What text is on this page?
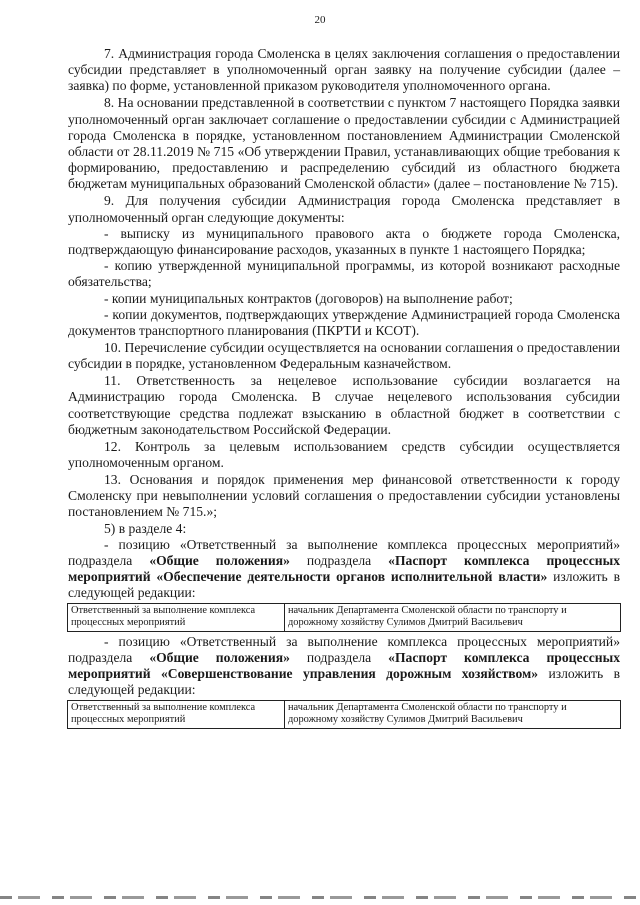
20

7. Администрация города Смоленска в целях заключения соглашения о предоставлении субсидии представляет в уполномоченный орган заявку на получение субсидии (далее – заявка) по форме, установленной приказом руководителя уполномоченного органа.

8. На основании представленной в соответствии с пунктом 7 настоящего Порядка заявки уполномоченный орган заключает соглашение о предоставлении субсидии с Администрацией города Смоленска в порядке, установленном постановлением Администрации Смоленской области от 28.11.2019 № 715 «Об утверждении Правил, устанавливающих общие требования к формированию, предоставлению и распределению субсидий из областного бюджета бюджетам муниципальных образований Смоленской области» (далее – постановление № 715).

9. Для получения субсидии Администрация города Смоленска представляет в уполномоченный орган следующие документы:

- выписку из муниципального правового акта о бюджете города Смоленска, подтверждающую финансирование расходов, указанных в пункте 1 настоящего Порядка;

- копию утвержденной муниципальной программы, из которой возникают расходные обязательства;

- копии муниципальных контрактов (договоров) на выполнение работ;

- копии документов, подтверждающих утверждение Администрацией города Смоленска документов транспортного планирования (ПКРТИ и КСОТ).

10. Перечисление субсидии осуществляется на основании соглашения о предоставлении субсидии в порядке, установленном Федеральным казначейством.

11. Ответственность за нецелевое использование субсидии возлагается на Администрацию города Смоленска. В случае нецелевого использования субсидии соответствующие средства подлежат взысканию в областной бюджет в соответствии с бюджетным законодательством Российской Федерации.

12. Контроль за целевым использованием средств субсидии осуществляется уполномоченным органом.

13. Основания и порядок применения мер финансовой ответственности к городу Смоленску при невыполнении условий соглашения о предоставлении субсидии установлены постановлением № 715.»;

5) в разделе 4:

- позицию «Ответственный за выполнение комплекса процессных мероприятий» подраздела «Общие положения» подраздела «Паспорт комплекса процессных мероприятий «Обеспечение деятельности органов исполнительной власти» изложить в следующей редакции:

Ответственный за выполнение комплекса процессных мероприятий	начальник Департамента Смоленской области по транспорту и дорожному хозяйству Сулимов Дмитрий Васильевич

- позицию «Ответственный за выполнение комплекса процессных мероприятий» подраздела «Общие положения» подраздела «Паспорт комплекса процессных мероприятий «Совершенствование управления дорожным хозяйством» изложить в следующей редакции:

Ответственный за выполнение комплекса процессных мероприятий	начальник Департамента Смоленской области по транспорту и дорожному хозяйству Сулимов Дмитрий Васильевич
